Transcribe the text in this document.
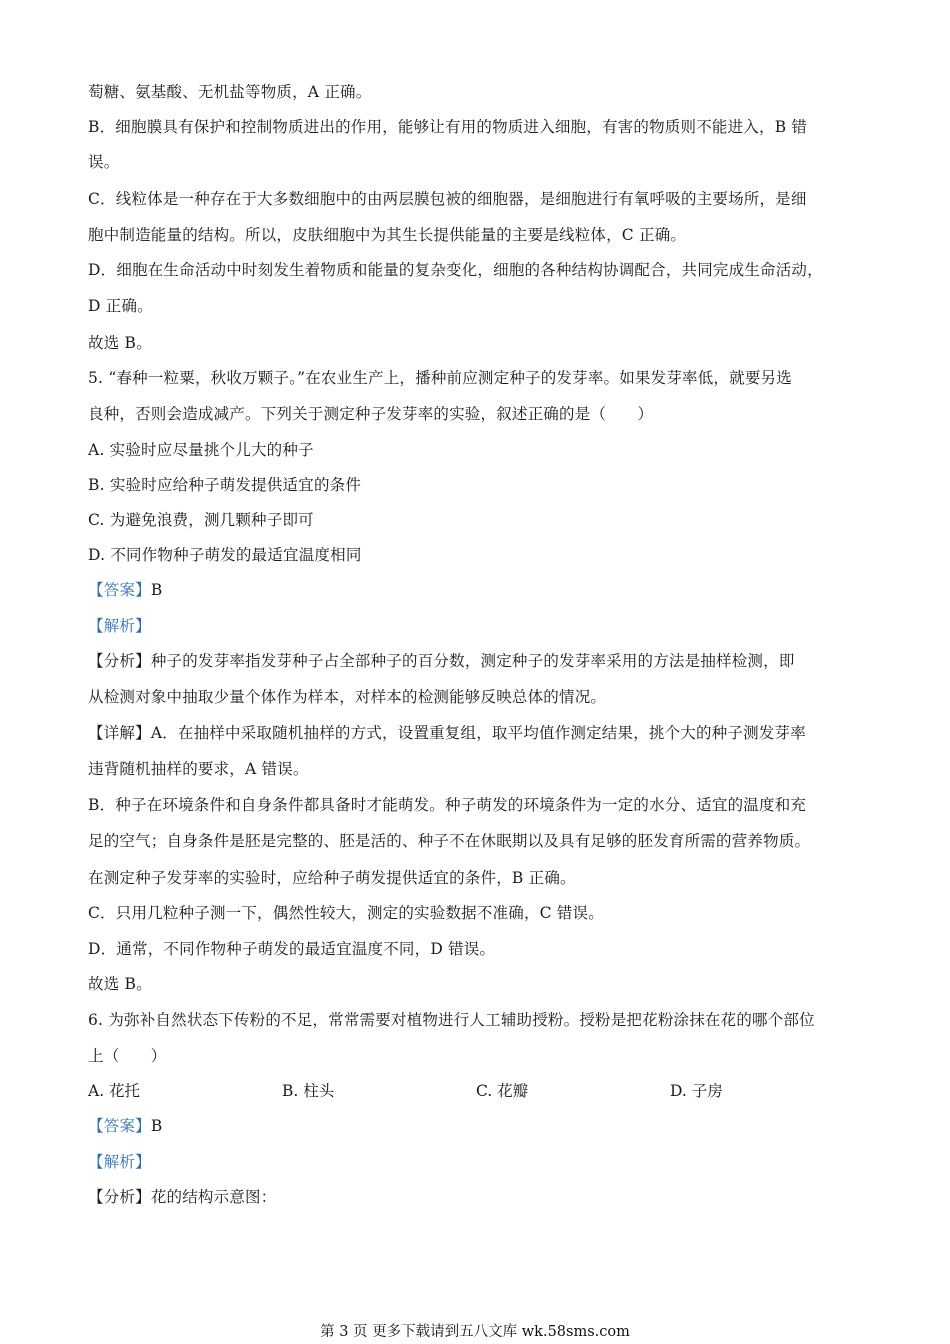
萄糖、氨基酸、无机盐等物质，A 正确。
B．细胞膜具有保护和控制物质进出的作用，能够让有用的物质进入细胞，有害的物质则不能进入，B 错
误。
C．线粒体是一种存在于大多数细胞中的由两层膜包被的细胞器，是细胞进行有氧呼吸的主要场所，是细
胞中制造能量的结构。所以，皮肤细胞中为其生长提供能量的主要是线粒体，C 正确。
D．细胞在生命活动中时刻发生着物质和能量的复杂变化，细胞的各种结构协调配合，共同完成生命活动，
D 正确。
故选 B。
5. “春种一粒粟，秋收万颗子。”在农业生产上，播种前应测定种子的发芽率。如果发芽率低，就要另选
良种，否则会造成减产。下列关于测定种子发芽率的实验，叙述正确的是（　　）
A. 实验时应尽量挑个儿大的种子
B. 实验时应给种子萌发提供适宜的条件
C. 为避免浪费，测几颗种子即可
D. 不同作物种子萌发的最适宜温度相同
【答案】B
【解析】
【分析】种子的发芽率指发芽种子占全部种子的百分数，测定种子的发芽率采用的方法是抽样检测，即
从检测对象中抽取少量个体作为样本，对样本的检测能够反映总体的情况。
【详解】A．在抽样中采取随机抽样的方式，设置重复组，取平均值作测定结果，挑个大的种子测发芽率
违背随机抽样的要求，A 错误。
B．种子在环境条件和自身条件都具备时才能萌发。种子萌发的环境条件为一定的水分、适宜的温度和充
足的空气；自身条件是胚是完整的、胚是活的、种子不在休眠期以及具有足够的胚发育所需的营养物质。
在测定种子发芽率的实验时，应给种子萌发提供适宜的条件，B 正确。
C．只用几粒种子测一下，偶然性较大，测定的实验数据不准确，C 错误。
D．通常，不同作物种子萌发的最适宜温度不同，D 错误。
故选 B。
6. 为弥补自然状态下传粉的不足，常常需要对植物进行人工辅助授粉。授粉是把花粉涂抹在花的哪个部位
上（　　）
A. 花托	B. 柱头	C. 花瓣	D. 子房
【答案】B
【解析】
【分析】花的结构示意图：
第 3 页 更多下载请到五八文库 wk.58sms.com
